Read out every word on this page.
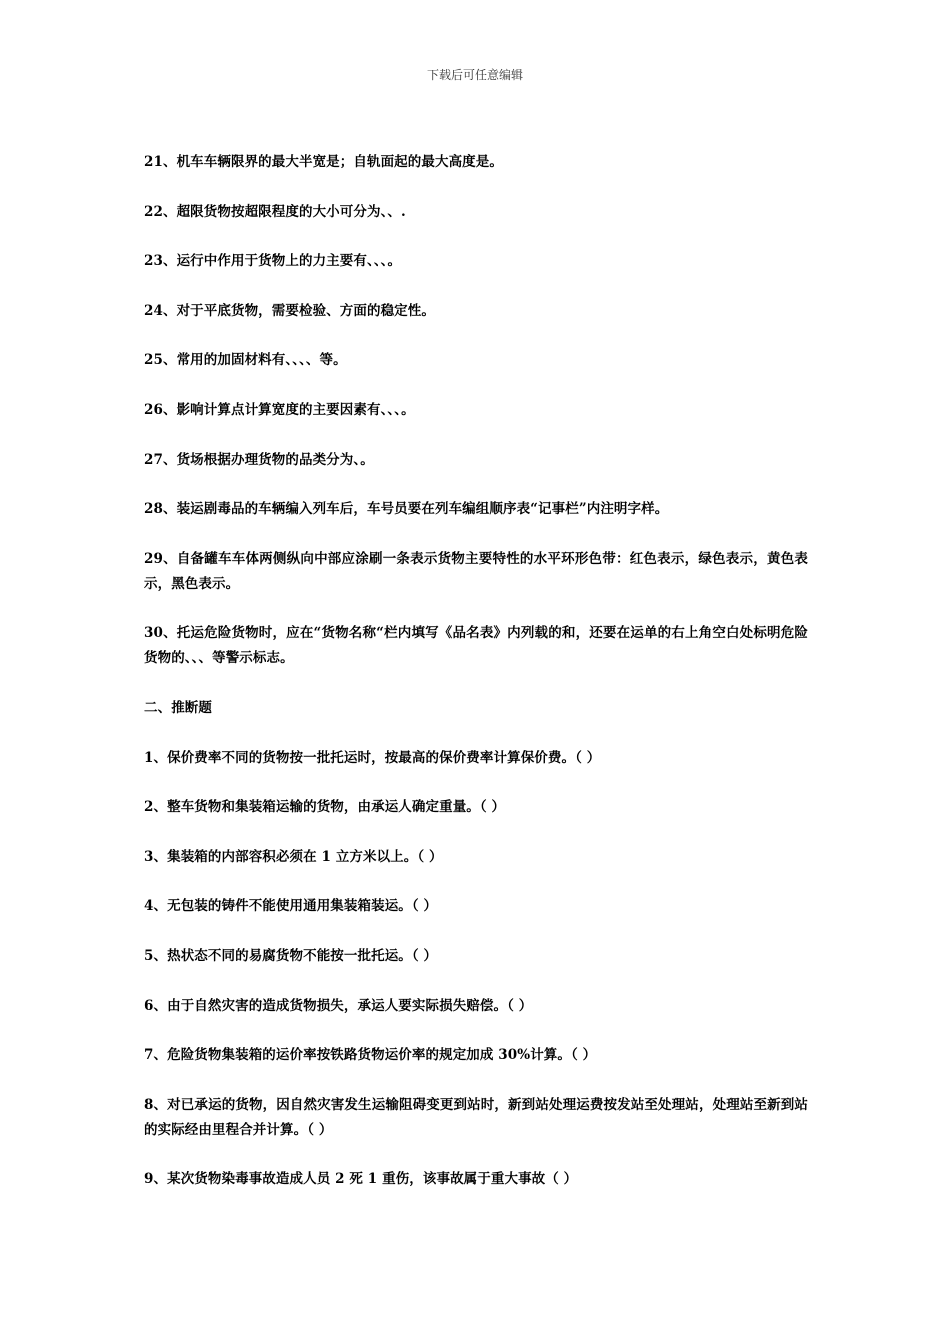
下载后可任意编辑

21、机车车辆限界的最大半宽是；自轨面起的最大高度是。

22、超限货物按超限程度的大小可分为、、.

23、运行中作用于货物上的力主要有、、、。

24、对于平底货物，需要检验、方面的稳定性。

25、常用的加固材料有、、、、等。

26、影响计算点计算宽度的主要因素有、、、。

27、货场根据办理货物的品类分为、。

28、装运剧毒品的车辆编入列车后，车号员要在列车编组顺序表“记事栏”内注明字样。

29、自备罐车车体两侧纵向中部应涂刷一条表示货物主要特性的水平环形色带：红色表示，绿色表示，黄色表示，黑色表示。

30、托运危险货物时，应在“货物名称“栏内填写《品名表》内列载的和，还要在运单的右上角空白处标明危险货物的、、、等警示标志。

二、推断题

1、保价费率不同的货物按一批托运时，按最高的保价费率计算保价费。（ ）

2、整车货物和集装箱运输的货物，由承运人确定重量。（ ）

3、集装箱的内部容积必须在 1 立方米以上。（ ）

4、无包装的铸件不能使用通用集装箱装运。（ ）

5、热状态不同的易腐货物不能按一批托运。（ ）

6、由于自然灾害的造成货物损失，承运人要实际损失赔偿。（ ）

7、危险货物集装箱的运价率按铁路货物运价率的规定加成 30%计算。（ ）

8、对已承运的货物，因自然灾害发生运输阻碍变更到站时，新到站处理运费按发站至处理站，处理站至新到站的实际经由里程合并计算。（ ）

9、某次货物染毒事故造成人员 2 死 1 重伤，该事故属于重大事故（ ）
